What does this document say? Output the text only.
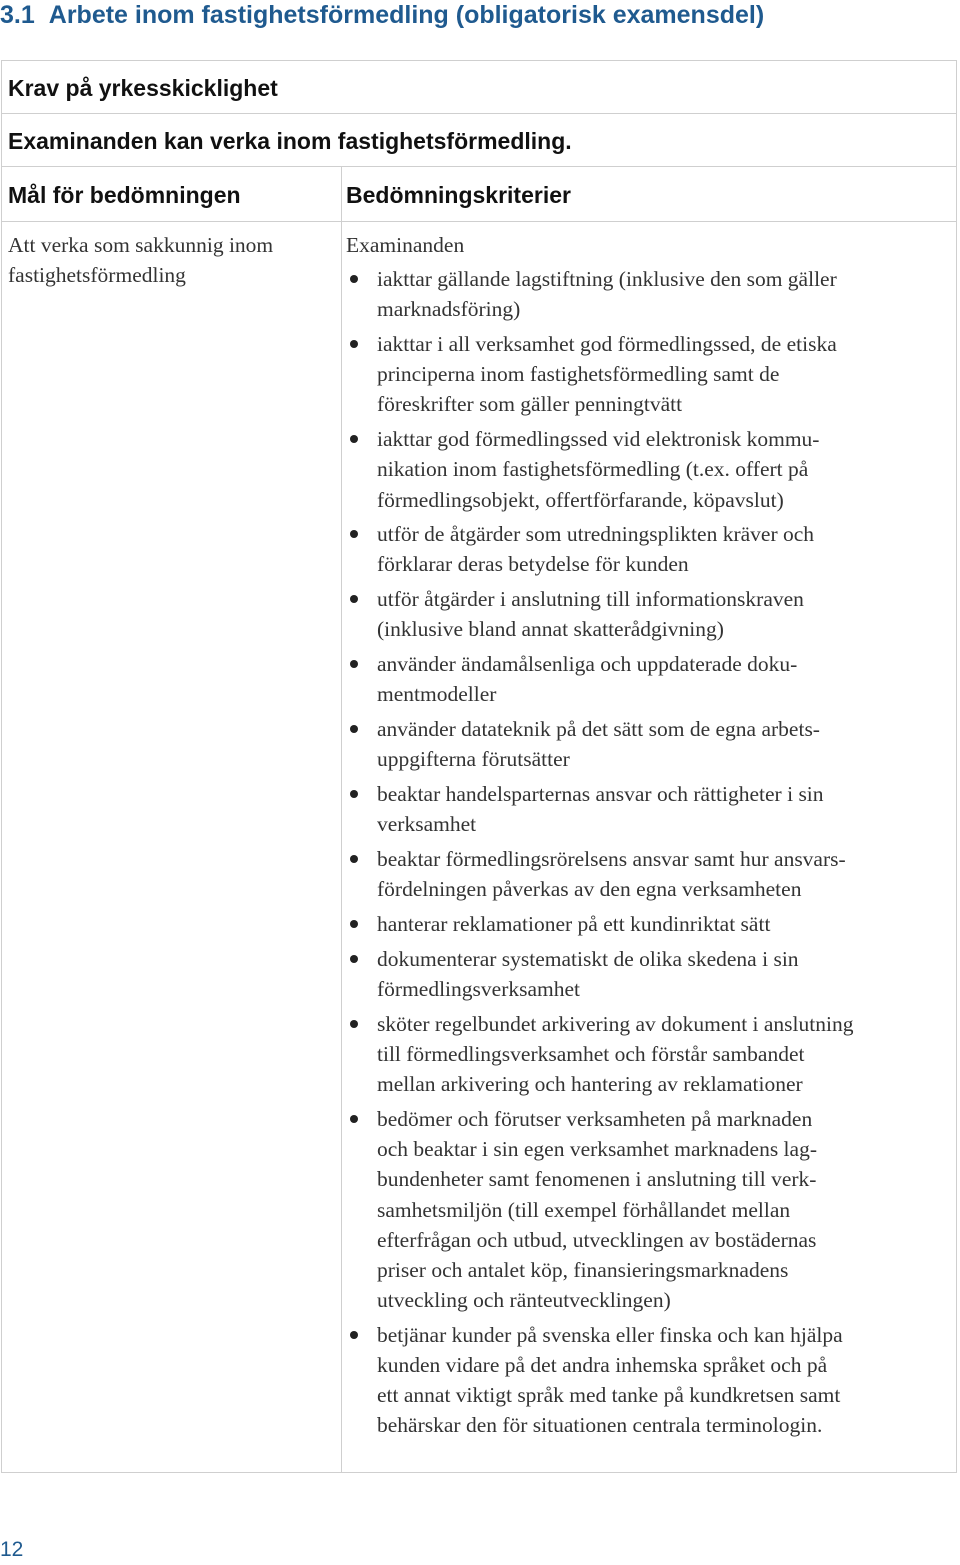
3.1 Arbete inom fastighetsförmedling (obligatorisk examensdel)
Krav på yrkesskicklighet
Examinanden kan verka inom fastighetsförmedling.
Mål för bedömningen	Bedömningskriterier
Att verka som sakkunnig inom
fastighetsförmedling
Examinanden
iakttar gällande lagstiftning (inklusive den som gäller
marknadsföring)
iakttar i all verksamhet god förmedlingssed, de etiska
principerna inom fastighetsförmedling samt de
föreskrifter som gäller penningtvätt
iakttar god förmedlingssed vid elektronisk kommu-
nikation inom fastighetsförmedling (t.ex. offert på
förmedlingsobjekt, offertförfarande, köpavslut)
utför de åtgärder som utredningsplikten kräver och
förklarar deras betydelse för kunden
utför åtgärder i anslutning till informationskraven
(inklusive bland annat skatterådgivning)
använder ändamålsenliga och uppdaterade doku-
mentmodeller
använder datateknik på det sätt som de egna arbets-
uppgifterna förutsätter
beaktar handelsparternas ansvar och rättigheter i sin
verksamhet
beaktar förmedlingsrörelsens ansvar samt hur ansvars-
fördelningen påverkas av den egna verksamheten
hanterar reklamationer på ett kundinriktat sätt
dokumenterar systematiskt de olika skedena i sin
förmedlingsverksamhet
sköter regelbundet arkivering av dokument i anslutning
till förmedlingsverksamhet och förstår sambandet
mellan arkivering och hantering av reklamationer
bedömer och förutser verksamheten på marknaden
och beaktar i sin egen verksamhet marknadens lag-
bundenheter samt fenomenen i anslutning till verk-
samhetsmiljön (till exempel förhållandet mellan
efterfrågan och utbud, utvecklingen av bostädernas
priser och antalet köp, finansieringsmarknadens
utveckling och ränteutvecklingen)
betjänar kunder på svenska eller finska och kan hjälpa
kunden vidare på det andra inhemska språket och på
ett annat viktigt språk med tanke på kundkretsen samt
behärskar den för situationen centrala terminologin.
12
